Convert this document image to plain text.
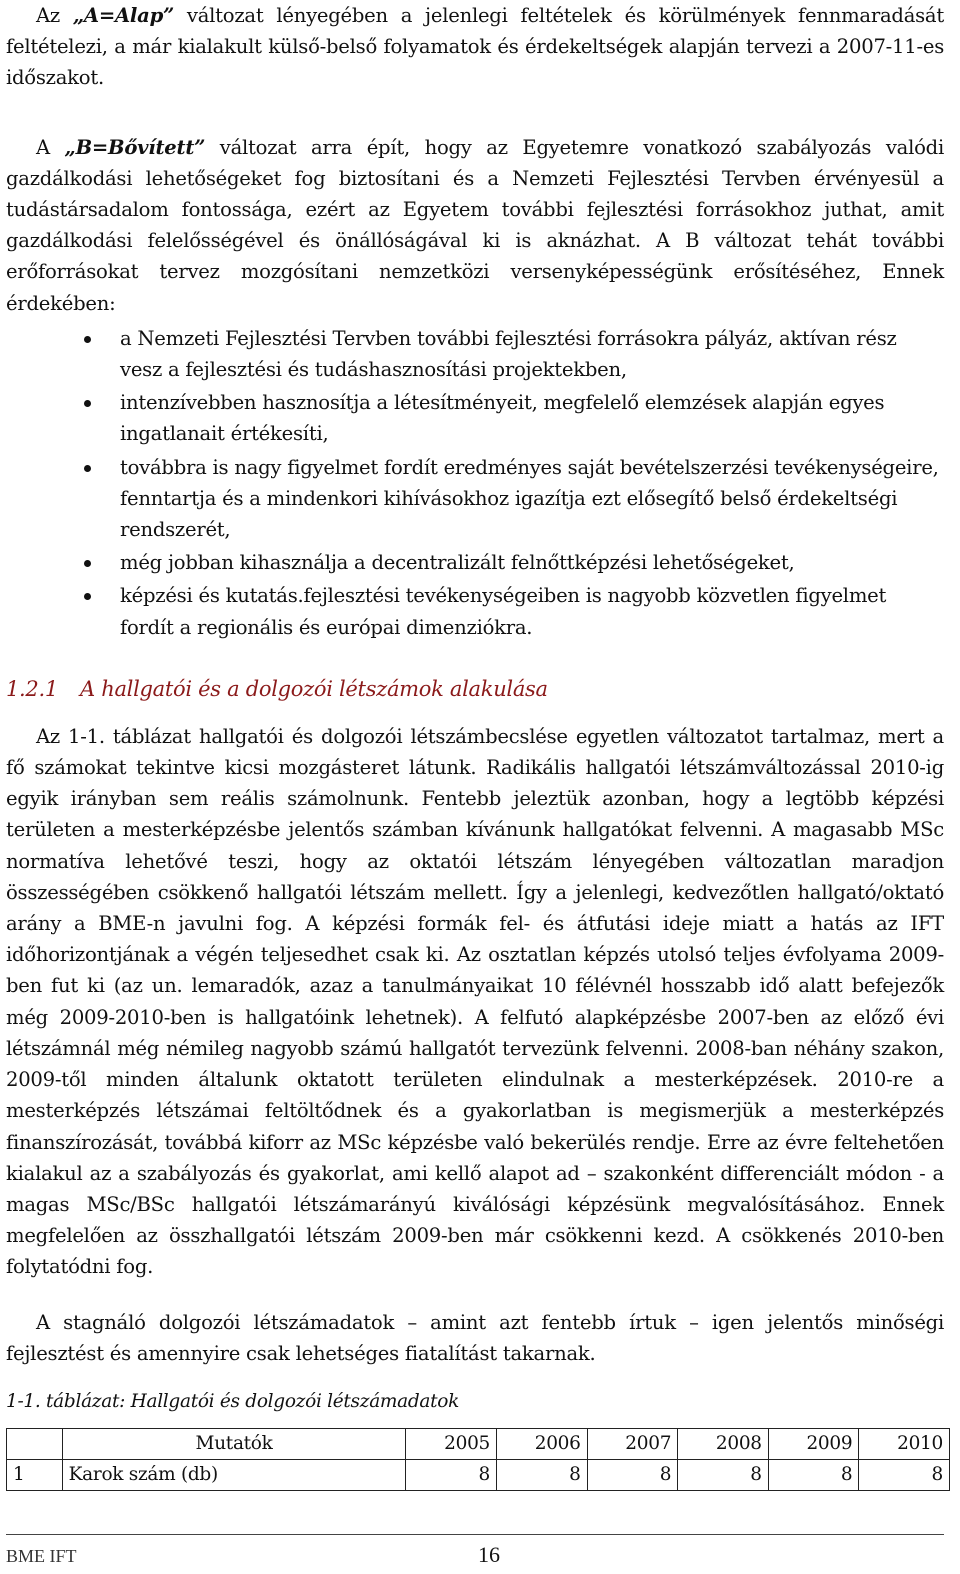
Az „A=Alap” változat lényegében a jelenlegi feltételek és körülmények fennmaradását feltételezi, a már kialakult külső-belső folyamatok és érdekeltségek alapján tervezi a 2007-11-es időszakot.

A „B=Bővített” változat arra épít, hogy az Egyetemre vonatkozó szabályozás valódi gazdálkodási lehetőségeket fog biztosítani és a Nemzeti Fejlesztési Tervben érvényesül a tudástársadalom fontossága, ezért az Egyetem további fejlesztési forrásokhoz juthat, amit gazdálkodási felelősségével és önállóságával ki is aknázhat. A B változat tehát további erőforrásokat tervez mozgósítani nemzetközi versenyképességünk erősítéséhez, Ennek érdekében:

a Nemzeti Fejlesztési Tervben további fejlesztési forrásokra pályáz, aktívan rész vesz a fejlesztési és tudáshasznosítási projektekben,
intenzívebben hasznosítja a létesítményeit, megfelelő elemzések alapján egyes ingatlanait értékesíti,
továbbra is nagy figyelmet fordít eredményes saját bevételszerzési tevékenységeire, fenntartja és a mindenkori kihívásokhoz igazítja ezt elősegítő belső érdekeltségi rendszerét,
még jobban kihasználja a decentralizált felnőttképzési lehetőségeket,
képzési és kutatás.fejlesztési tevékenységeiben is nagyobb közvetlen figyelmet fordít a regionális és európai dimenziókra.
1.2.1 A hallgatói és a dolgozói létszámok alakulása

Az 1-1. táblázat hallgatói és dolgozói létszámbecslése egyetlen változatot tartalmaz, mert a fő számokat tekintve kicsi mozgásteret látunk. Radikális hallgatói létszámváltozással 2010-ig egyik irányban sem reális számolnunk. Fentebb jeleztük azonban, hogy a legtöbb képzési területen a mesterképzésbe jelentős számban kívánunk hallgatókat felvenni. A magasabb MSc normatíva lehetővé teszi, hogy az oktatói létszám lényegében változatlan maradjon összességében csökkenő hallgatói létszám mellett. Így a jelenlegi, kedvezőtlen hallgató/oktató arány a BME-n javulni fog. A képzési formák fel- és átfutási ideje miatt a hatás az IFT időhorizontjának a végén teljesedhet csak ki. Az osztatlan képzés utolsó teljes évfolyama 2009-ben fut ki (az un. lemaradók, azaz a tanulmányaikat 10 félévnél hosszabb idő alatt befejezők még 2009-2010-ben is hallgatóink lehetnek). A felfutó alapképzésbe 2007-ben az előző évi létszámnál még némileg nagyobb számú hallgatót tervezünk felvenni. 2008-ban néhány szakon, 2009-től minden általunk oktatott területen elindulnak a mesterképzések. 2010-re a mesterképzés létszámai feltöltődnek és a gyakorlatban is megismerjük a mesterképzés finanszírozását, továbbá kiforr az MSc képzésbe való bekerülés rendje. Erre az évre feltehetően kialakul az a szabályozás és gyakorlat, ami kellő alapot ad – szakonként differenciált módon - a magas MSc/BSc hallgatói létszámarányú kiválósági képzésünk megvalósításához. Ennek megfelelően az összhallgatói létszám 2009-ben már csökkenni kezd. A csökkenés 2010-ben folytatódni fog.

A stagnáló dolgozói létszámadatok – amint azt fentebb írtuk – igen jelentős minőségi fejlesztést és amennyire csak lehetséges fiatalítást takarnak.

1-1. táblázat: Hallgatói és dolgozói létszámadatok
	Mutatók	2005	2006	2007	2008	2009	2010
1	Karok szám (db)	8	8	8	8	8	8
BME IFT	16
